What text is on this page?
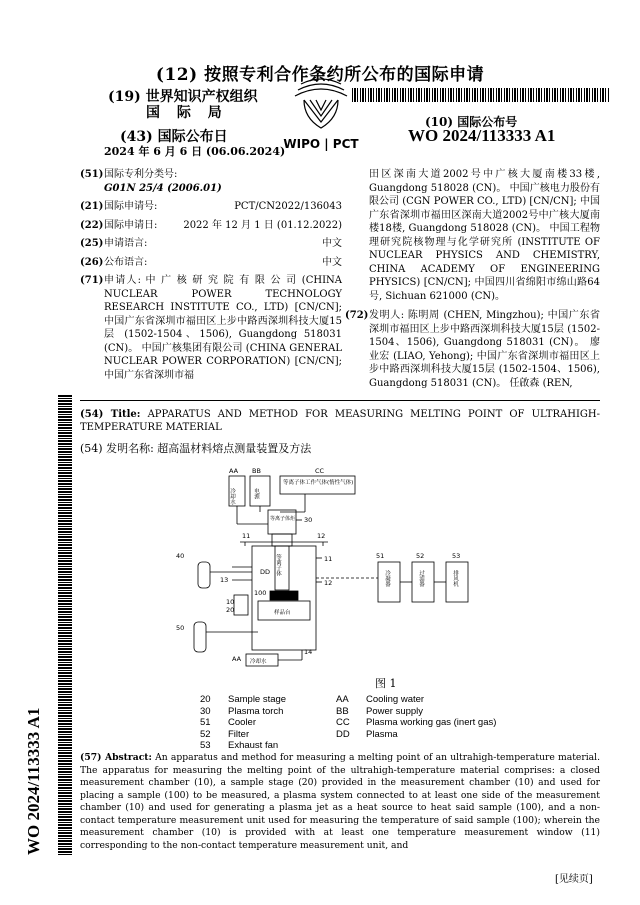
(12) 按照专利合作条约所公布的国际申请
(19) 世界知识产权组织
国 际 局
(43) 国际公布日
2024 年 6 月 6 日 (06.06.2024)
WIPO | PCT
(10) 国际公布号
WO 2024/113333 A1
(51) 国际专利分类号:
G01N 25/4 (2006.01)
(21) 国际申请号:	PCT/CN2022/136043
(22) 国际申请日:	2022 年 12 月 1 日 (01.12.2022)
(25) 申请语言:	中文
(26) 公布语言:	中文
(71) 申请人: 中 广 核 研 究 院 有 限 公 司 (CHINA NUCLEAR POWER TECHNOLOGY RESEARCH INSTITUTE CO., LTD) [CN/CN]; 中国广东省深圳市福田区上步中路西深圳科技大厦15层 (1502-1504、1506), Guangdong 518031 (CN)。 中国广核集团有限公司 (CHINA GENERAL NUCLEAR POWER CORPORATION) [CN/CN]; 中国广东省深圳市福
田区深南大道2002号中广核大厦南楼33楼, Guangdong 518028 (CN)。 中国广核电力股份有限公司 (CGN POWER CO., LTD) [CN/CN]; 中国广东省深圳市福田区深南大道2002号中广核大厦南楼18楼, Guangdong 518028 (CN)。 中国工程物理研究院核物理与化学研究所 (INSTITUTE OF NUCLEAR PHYSICS AND CHEMISTRY, CHINA ACADEMY OF ENGINEERING PHYSICS) [CN/CN]; 中国四川省绵阳市绵山路64号, Sichuan 621000 (CN)。
(72) 发明人: 陈明周 (CHEN, Mingzhou); 中国广东省深圳市福田区上步中路西深圳科技大厦15层 (1502-1504、1506), Guangdong 518031 (CN)。 廖业宏 (LIAO, Yehong); 中国广东省深圳市福田区上步中路西深圳科技大厦15层 (1502-1504、1506), Guangdong 518031 (CN)。 任啟森 (REN,
WO 2024/113333 A1
(54) Title: APPARATUS AND METHOD FOR MEASURING MELTING POINT OF ULTRAHIGH-TEMPERATURE MATERIAL
(54) 发明名称: 超高温材料熔点测量装置及方法
AA BB	CC
冷却水	电源
等离子体工作气体(惰性气体)
等离子体炬 30
11	12
11
12
DD 等离子体
13
40
10
20
100
样品台
50
14
AA 冷却水
51	52	53
冷凝器	过滤器	排风机
图 1
20	Sample stage	AA	Cooling water
30	Plasma torch	BB	Power supply
51	Cooler	CC	Plasma working gas (inert gas)
52	Filter	DD	Plasma
53	Exhaust fan		
(57) Abstract: An apparatus and method for measuring a melting point of an ultrahigh-temperature material. The apparatus for measuring the melting point of the ultrahigh-temperature material comprises: a closed measurement chamber (10), a sample stage (20) provided in the measurement chamber (10) and used for placing a sample (100) to be measured, a plasma system connected to at least one side of the measurement chamber (10) and used for generating a plasma jet as a heat source to heat said sample (100), and a non-contact temperature measurement unit used for measuring the temperature of said sample (100); wherein the measurement chamber (10) is provided with at least one temperature measurement window (11) corresponding to the non-contact temperature measurement unit, and
[见续页]
